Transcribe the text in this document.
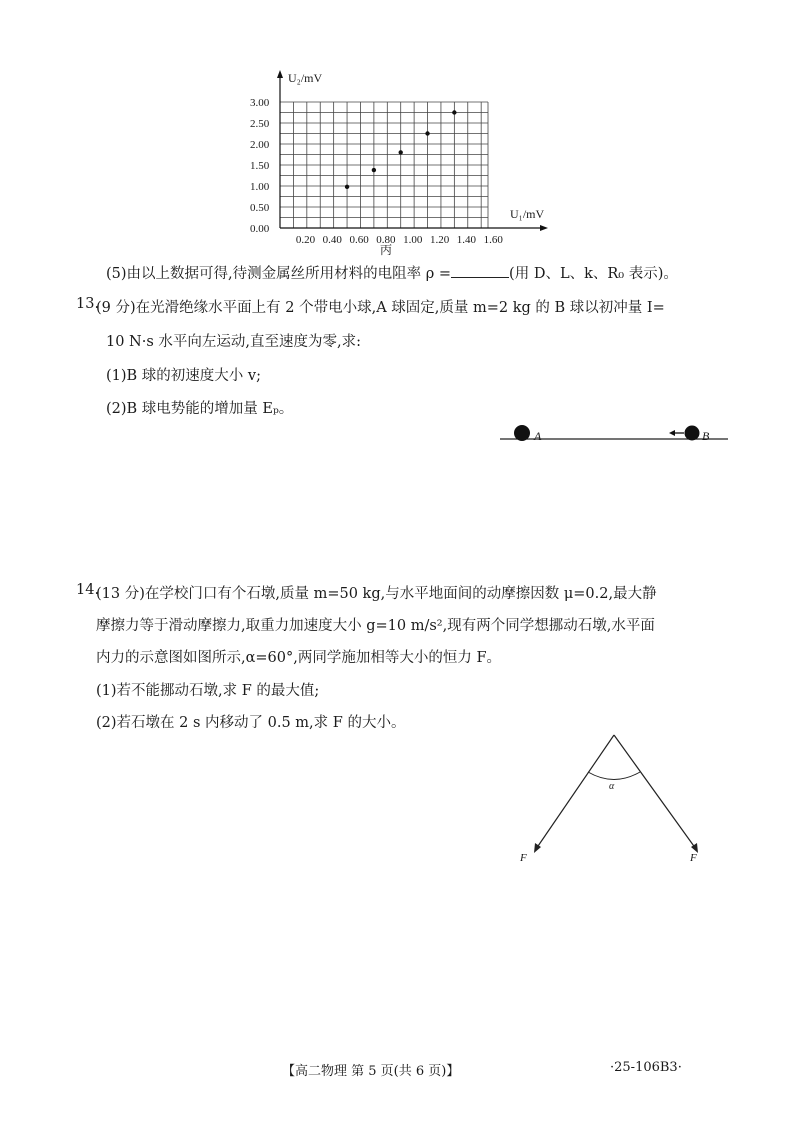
0.20 0.40 0.60 0.80 1.00 1.20 1.40 1.60
0.00
0.50
1.00
1.50
2.00
2.50
3.00
U₂/mV
U₁/mV
丙
(5)由以上数据可得,待测金属丝所用材料的电阻率 ρ =	(用 D、L、k、R₀ 表示)。
13.
(9 分)在光滑绝缘水平面上有 2 个带电小球,A 球固定,质量 m=2 kg 的 B 球以初冲量 I=
10 N·s 水平向左运动,直至速度为零,求:
(1)B 球的初速度大小 v;
(2)B 球电势能的增加量 Eₚ。
A	B
14.
(13 分)在学校门口有个石墩,质量 m=50 kg,与水平地面间的动摩擦因数 μ=0.2,最大静
摩擦力等于滑动摩擦力,取重力加速度大小 g=10 m/s²,现有两个同学想挪动石墩,水平面
内力的示意图如图所示,α=60°,两同学施加相等大小的恒力 F。
(1)若不能挪动石墩,求 F 的最大值;
(2)若石墩在 2 s 内移动了 0.5 m,求 F 的大小。
α
F	F
【高二物理 第 5 页(共 6 页)】	·25-106B3·
